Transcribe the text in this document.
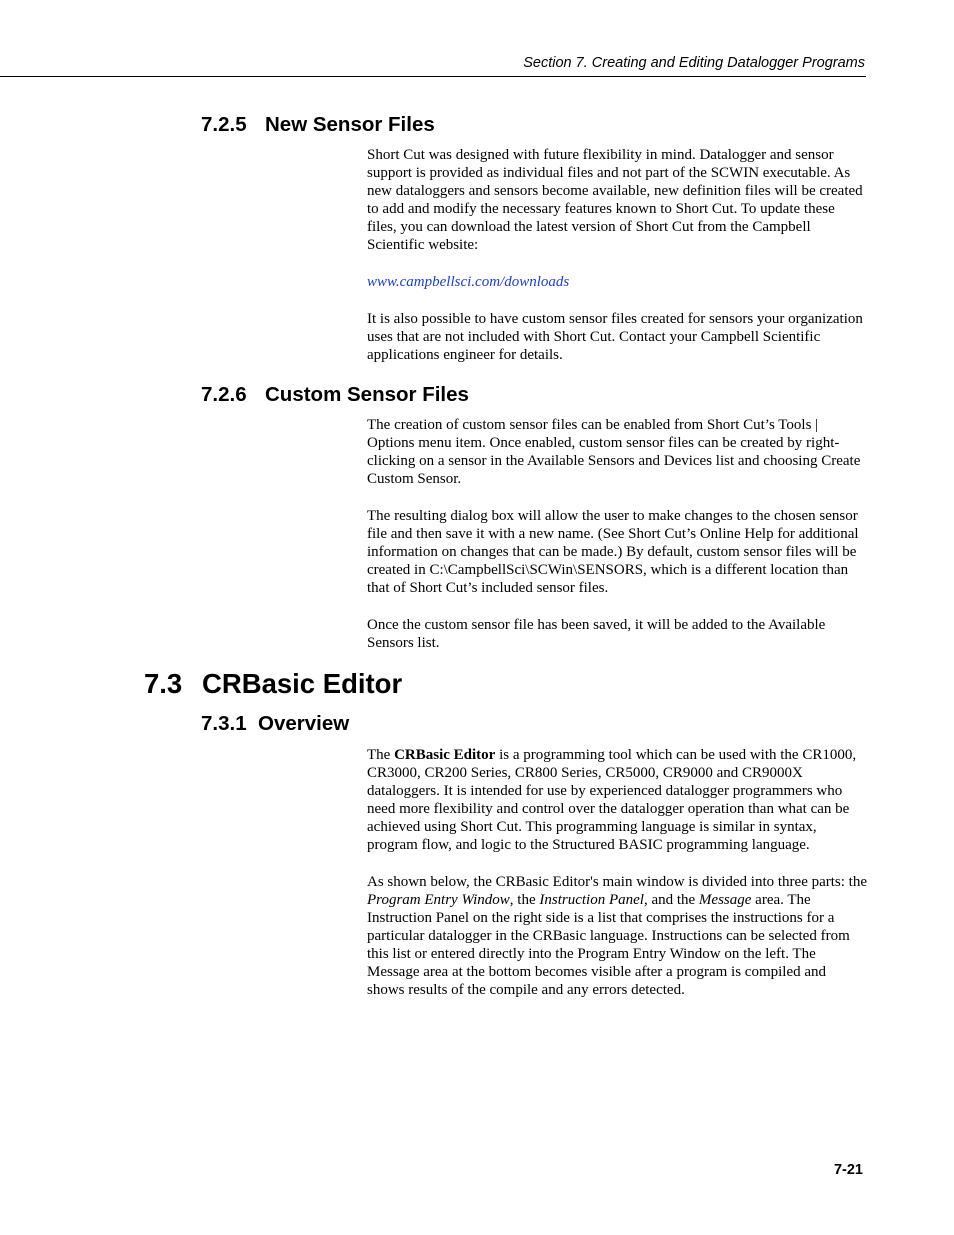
Section 7. Creating and Editing Datalogger Programs
7.2.5 New Sensor Files

Short Cut was designed with future flexibility in mind. Datalogger and sensor support is provided as individual files and not part of the SCWIN executable. As new dataloggers and sensors become available, new definition files will be created to add and modify the necessary features known to Short Cut. To update these files, you can download the latest version of Short Cut from the Campbell Scientific website:

www.campbellsci.com/downloads

It is also possible to have custom sensor files created for sensors your organization uses that are not included with Short Cut. Contact your Campbell Scientific applications engineer for details.

7.2.6 Custom Sensor Files

The creation of custom sensor files can be enabled from Short Cut’s Tools | Options menu item. Once enabled, custom sensor files can be created by right-clicking on a sensor in the Available Sensors and Devices list and choosing Create Custom Sensor.

The resulting dialog box will allow the user to make changes to the chosen sensor file and then save it with a new name. (See Short Cut’s Online Help for additional information on changes that can be made.) By default, custom sensor files will be created in C:\CampbellSci\SCWin\SENSORS, which is a different location than that of Short Cut’s included sensor files.

Once the custom sensor file has been saved, it will be added to the Available Sensors list.

7.3 CRBasic Editor
7.3.1 Overview

The CRBasic Editor is a programming tool which can be used with the CR1000, CR3000, CR200 Series, CR800 Series, CR5000, CR9000 and CR9000X dataloggers. It is intended for use by experienced datalogger programmers who need more flexibility and control over the datalogger operation than what can be achieved using Short Cut. This programming language is similar in syntax, program flow, and logic to the Structured BASIC programming language.

As shown below, the CRBasic Editor's main window is divided into three parts: the Program Entry Window, the Instruction Panel, and the Message area. The Instruction Panel on the right side is a list that comprises the instructions for a particular datalogger in the CRBasic language. Instructions can be selected from this list or entered directly into the Program Entry Window on the left. The Message area at the bottom becomes visible after a program is compiled and shows results of the compile and any errors detected.

7-21
